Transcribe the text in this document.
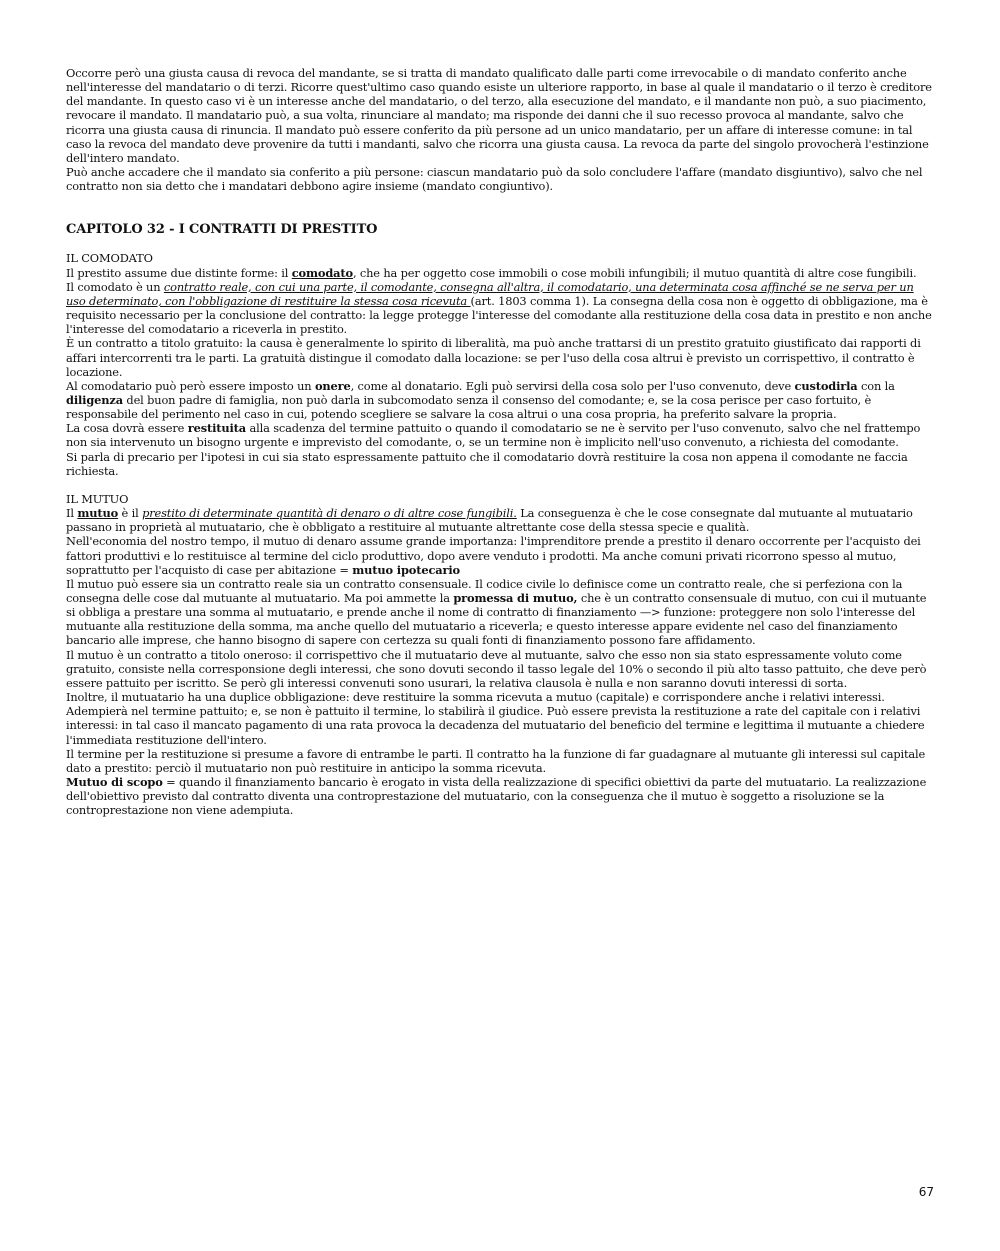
Occorre però una giusta causa di revoca del mandante, se si tratta di mandato qualificato dalle parti come irrevocabile o di mandato conferito anche nell'interesse del mandatario o di terzi. Ricorre quest'ultimo caso quando esiste un ulteriore rapporto, in base al quale il mandatario o il terzo è creditore del mandante. In questo caso vi è un interesse anche del mandatario, o del terzo, alla esecuzione del mandato, e il mandante non può, a suo piacimento, revocare il mandato. Il mandatario può, a sua volta, rinunciare al mandato; ma risponde dei danni che il suo recesso provoca al mandante, salvo che ricorra una giusta causa di rinuncia. Il mandato può essere conferito da più persone ad un unico mandatario, per un affare di interesse comune: in tal caso la revoca del mandato deve provenire da tutti i mandanti, salvo che ricorra una giusta causa. La revoca da parte del singolo provocherà l'estinzione dell'intero mandato.

Può anche accadere che il mandato sia conferito a più persone: ciascun mandatario può da solo concludere l'affare (mandato disgiuntivo), salvo che nel contratto non sia detto che i mandatari debbono agire insieme (mandato congiuntivo).

CAPITOLO 32 - I CONTRATTI DI PRESTITO

IL COMODATO

Il prestito assume due distinte forme: il comodato, che ha per oggetto cose immobili o cose mobili infungibili; il mutuo quantità di altre cose fungibili.

Il comodato è un contratto reale, con cui una parte, il comodante, consegna all'altra, il comodatario, una determinata cosa affinché se ne serva per un uso determinato, con l'obbligazione di restituire la stessa cosa ricevuta (art. 1803 comma 1). La consegna della cosa non è oggetto di obbligazione, ma è requisito necessario per la conclusione del contratto: la legge protegge l'interesse del comodante alla restituzione della cosa data in prestito e non anche l'interesse del comodatario a riceverla in prestito.

È un contratto a titolo gratuito: la causa è generalmente lo spirito di liberalità, ma può anche trattarsi di un prestito gratuito giustificato dai rapporti di affari intercorrenti tra le parti. La gratuità distingue il comodato dalla locazione: se per l'uso della cosa altrui è previsto un corrispettivo, il contratto è locazione.

Al comodatario può però essere imposto un onere, come al donatario. Egli può servirsi della cosa solo per l'uso convenuto, deve custodirla con la diligenza del buon padre di famiglia, non può darla in subcomodato senza il consenso del comodante; e, se la cosa perisce per caso fortuito, è responsabile del perimento nel caso in cui, potendo scegliere se salvare la cosa altrui o una cosa propria, ha preferito salvare la propria.

La cosa dovrà essere restituita alla scadenza del termine pattuito o quando il comodatario se ne è servito per l'uso convenuto, salvo che nel frattempo non sia intervenuto un bisogno urgente e imprevisto del comodante, o, se un termine non è implicito nell'uso convenuto, a richiesta del comodante.

Si parla di precario per l'ipotesi in cui sia stato espressamente pattuito che il comodatario dovrà restituire la cosa non appena il comodante ne faccia richiesta.

IL MUTUO

Il mutuo è il prestito di determinate quantità di denaro o di altre cose fungibili. La conseguenza è che le cose consegnate dal mutuante al mutuatario passano in proprietà al mutuatario, che è obbligato a restituire al mutuante altrettante cose della stessa specie e qualità.

Nell'economia del nostro tempo, il mutuo di denaro assume grande importanza: l'imprenditore prende a prestito il denaro occorrente per l'acquisto dei fattori produttivi e lo restituisce al termine del ciclo produttivo, dopo avere venduto i prodotti. Ma anche comuni privati ricorrono spesso al mutuo, soprattutto per l'acquisto di case per abitazione = mutuo ipotecario

Il mutuo può essere sia un contratto reale sia un contratto consensuale. Il codice civile lo definisce come un contratto reale, che si perfeziona con la consegna delle cose dal mutuante al mutuatario. Ma poi ammette la promessa di mutuo, che è un contratto consensuale di mutuo, con cui il mutuante si obbliga a prestare una somma al mutuatario, e prende anche il nome di contratto di finanziamento —> funzione: proteggere non solo l'interesse del mutuante alla restituzione della somma, ma anche quello del mutuatario a riceverla; e questo interesse appare evidente nel caso del finanziamento bancario alle imprese, che hanno bisogno di sapere con certezza su quali fonti di finanziamento possono fare affidamento.

Il mutuo è un contratto a titolo oneroso: il corrispettivo che il mutuatario deve al mutuante, salvo che esso non sia stato espressamente voluto come gratuito, consiste nella corresponsione degli interessi, che sono dovuti secondo il tasso legale del 10% o secondo il più alto tasso pattuito, che deve però essere pattuito per iscritto. Se però gli interessi convenuti sono usurari, la relativa clausola è nulla e non saranno dovuti interessi di sorta.

Inoltre, il mutuatario ha una duplice obbligazione: deve restituire la somma ricevuta a mutuo (capitale) e corrispondere anche i relativi interessi.

Adempierà nel termine pattuito; e, se non è pattuito il termine, lo stabilirà il giudice. Può essere prevista la restituzione a rate del capitale con i relativi interessi: in tal caso il mancato pagamento di una rata provoca la decadenza del mutuatario del beneficio del termine e legittima il mutuante a chiedere l'immediata restituzione dell'intero.

Il termine per la restituzione si presume a favore di entrambe le parti. Il contratto ha la funzione di far guadagnare al mutuante gli interessi sul capitale dato a prestito: perciò il mutuatario non può restituire in anticipo la somma ricevuta.

Mutuo di scopo = quando il finanziamento bancario è erogato in vista della realizzazione di specifici obiettivi da parte del mutuatario. La realizzazione dell'obiettivo previsto dal contratto diventa una controprestazione del mutuatario, con la conseguenza che il mutuo è soggetto a risoluzione se la controprestazione non viene adempiuta.

67
